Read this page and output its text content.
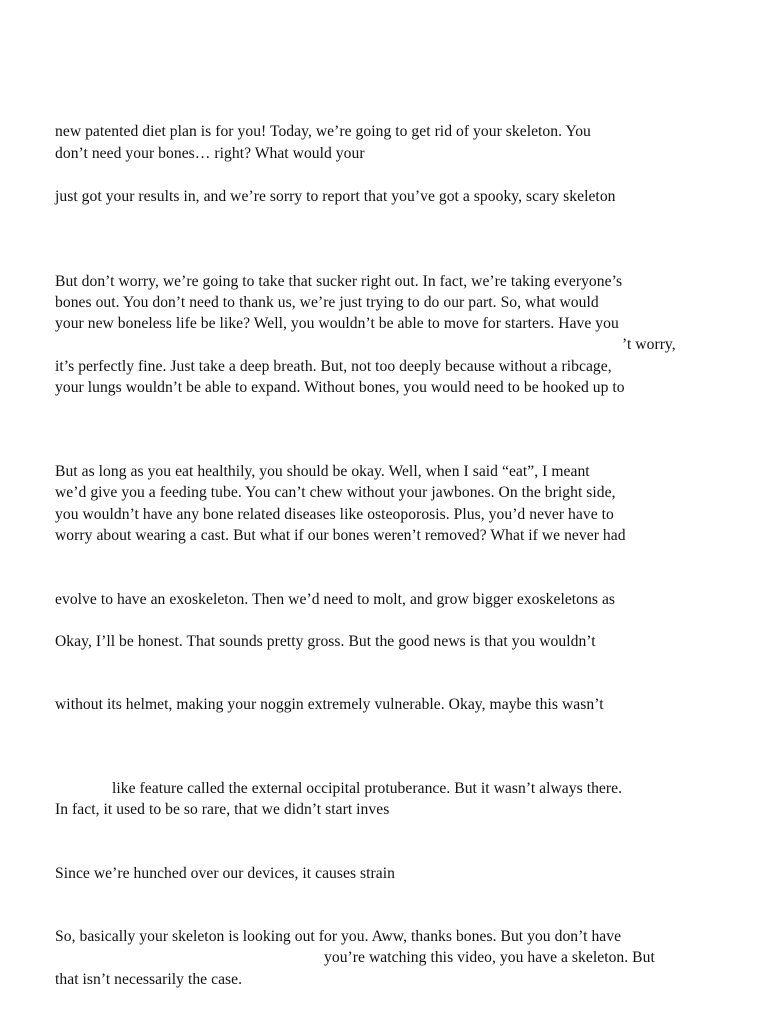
new patented diet plan is for you! Today, we’re going to get rid of your skeleton. You
don’t need your bones… right? What would your
just got your results in, and we’re sorry to report that you’ve got a spooky, scary skeleton
But don’t worry, we’re going to take that sucker right out. In fact, we’re taking everyone’s
bones out. You don’t need to thank us, we’re just trying to do our part. So, what would
your new boneless life be like? Well, you wouldn’t be able to move for starters. Have you
’t worry,
it’s perfectly fine. Just take a deep breath. But, not too deeply because without a ribcage,
your lungs wouldn’t be able to expand. Without bones, you would need to be hooked up to
But as long as you eat healthily, you should be okay. Well, when I said “eat”, I meant
we’d give you a feeding tube. You can’t chew without your jawbones. On the bright side,
you wouldn’t have any bone related diseases like osteoporosis. Plus, you’d never have to
worry about wearing a cast. But what if our bones weren’t removed? What if we never had
evolve to have an exoskeleton. Then we’d need to molt, and grow bigger exoskeletons as
Okay, I’ll be honest. That sounds pretty gross. But the good news is that you wouldn’t
without its helmet, making your noggin extremely vulnerable. Okay, maybe this wasn’t
like feature called the external occipital protuberance. But it wasn’t always there.
In fact, it used to be so rare, that we didn’t start inves
Since we’re hunched over our devices, it causes strain
So, basically your skeleton is looking out for you. Aww, thanks bones. But you don’t have
you’re watching this video, you have a skeleton. But
that isn’t necessarily the case.
